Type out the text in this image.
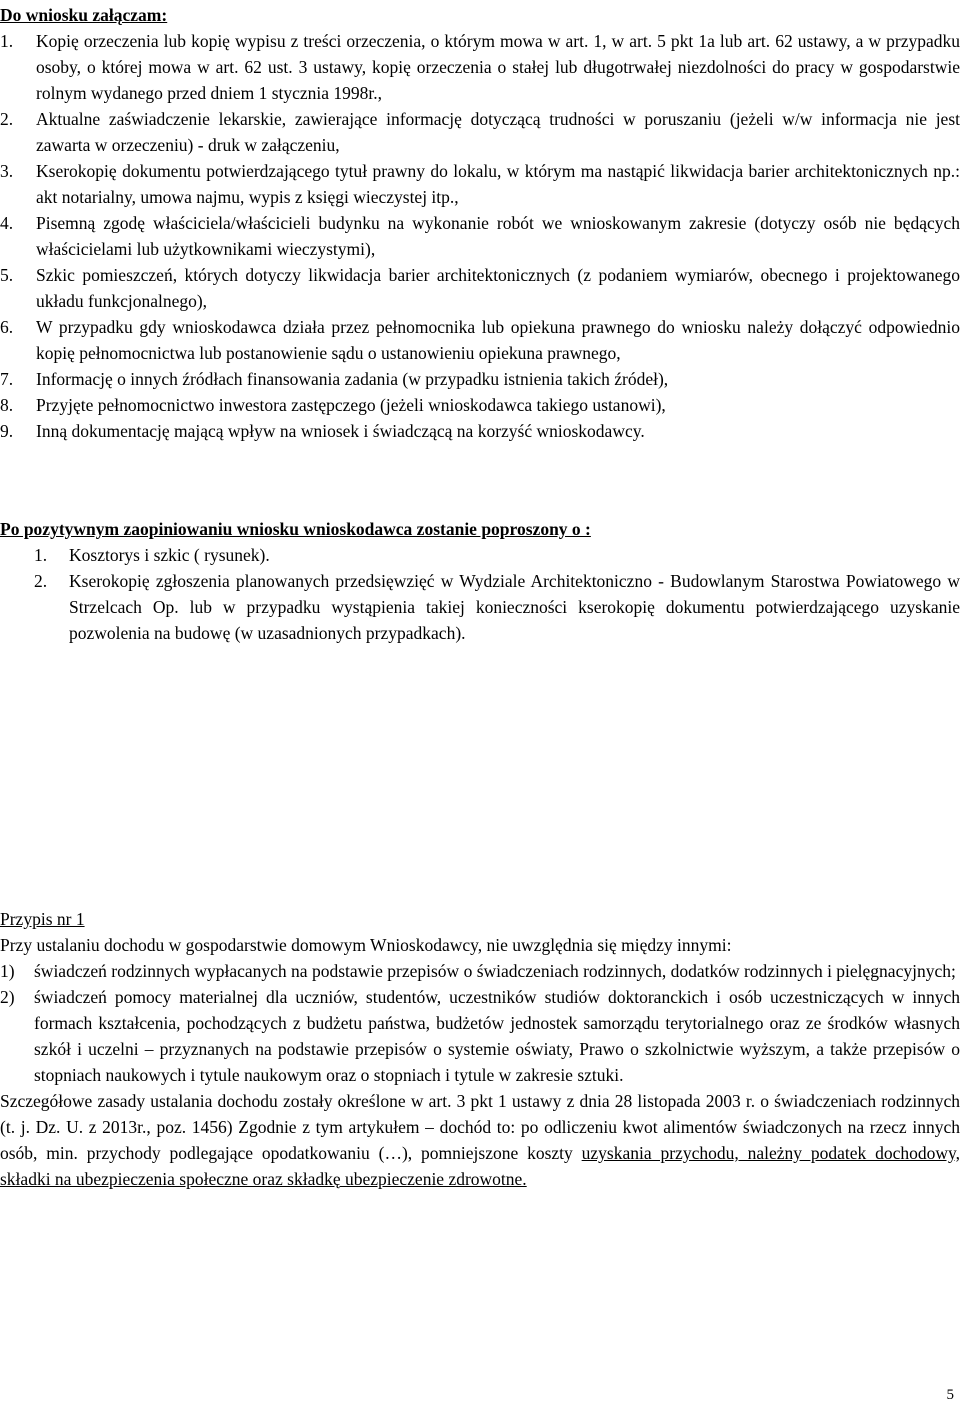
Do wniosku załączam:

1.	Kopię orzeczenia lub kopię wypisu z treści orzeczenia, o którym mowa w art. 1, w art. 5 pkt 1a lub art. 62 ustawy, a w przypadku osoby, o której mowa w art. 62 ust. 3 ustawy, kopię orzeczenia o stałej lub długotrwałej niezdolności do pracy w gospodarstwie rolnym wydanego przed dniem 1 stycznia 1998r.,
2.	Aktualne zaświadczenie lekarskie, zawierające informację dotyczącą trudności w poruszaniu (jeżeli w/w informacja nie jest zawarta w orzeczeniu) - druk w załączeniu,
3.	Kserokopię dokumentu potwierdzającego tytuł prawny do lokalu, w którym ma nastąpić likwidacja barier architektonicznych np.: akt notarialny, umowa najmu, wypis z księgi wieczystej itp.,
4.	Pisemną zgodę właściciela/właścicieli budynku na wykonanie robót we wnioskowanym zakresie (dotyczy osób nie będących właścicielami lub użytkownikami wieczystymi),
5.	Szkic pomieszczeń, których dotyczy likwidacja barier architektonicznych (z podaniem wymiarów, obecnego i projektowanego układu funkcjonalnego),
6.	W przypadku gdy wnioskodawca działa przez pełnomocnika lub opiekuna prawnego do wniosku należy dołączyć odpowiednio kopię pełnomocnictwa lub postanowienie sądu o ustanowieniu opiekuna prawnego,
7.	Informację o innych źródłach finansowania zadania (w przypadku istnienia takich źródeł),
8.	Przyjęte pełnomocnictwo inwestora zastępczego (jeżeli wnioskodawca takiego ustanowi),
9.	Inną dokumentację mającą wpływ na wniosek i świadczącą na korzyść wnioskodawcy.

Po pozytywnym zaopiniowaniu wniosku wnioskodawca zostanie poproszony o :

1.	Kosztorys i szkic ( rysunek).
2.	Kserokopię zgłoszenia planowanych przedsięwzięć w Wydziale Architektoniczno - Budowlanym Starostwa Powiatowego w Strzelcach Op. lub w przypadku wystąpienia takiej konieczności kserokopię dokumentu potwierdzającego uzyskanie pozwolenia na budowę (w uzasadnionych przypadkach).

Przypis nr 1

Przy ustalaniu dochodu w gospodarstwie domowym Wnioskodawcy, nie uwzględnia się między innymi:

1)	świadczeń rodzinnych wypłacanych na podstawie przepisów o świadczeniach rodzinnych, dodatków rodzinnych i pielęgnacyjnych;
2)	świadczeń pomocy materialnej dla uczniów, studentów, uczestników studiów doktoranckich i osób uczestniczących w innych formach kształcenia, pochodzących z budżetu państwa, budżetów jednostek samorządu terytorialnego oraz ze środków własnych szkół i uczelni – przyznanych na podstawie przepisów o systemie oświaty, Prawo o szkolnictwie wyższym, a także przepisów o stopniach naukowych i tytule naukowym oraz o stopniach i tytule w zakresie sztuki.

Szczegółowe zasady ustalania dochodu zostały określone w art. 3 pkt 1 ustawy z dnia 28 listopada 2003 r. o świadczeniach rodzinnych (t. j. Dz. U. z 2013r., poz. 1456) Zgodnie z tym artykułem – dochód to: po odliczeniu kwot alimentów świadczonych na rzecz innych osób, min. przychody podlegające opodatkowaniu (…), pomniejszone koszty uzyskania przychodu, należny podatek dochodowy, składki na ubezpieczenia społeczne oraz składkę ubezpieczenie zdrowotne.

5
